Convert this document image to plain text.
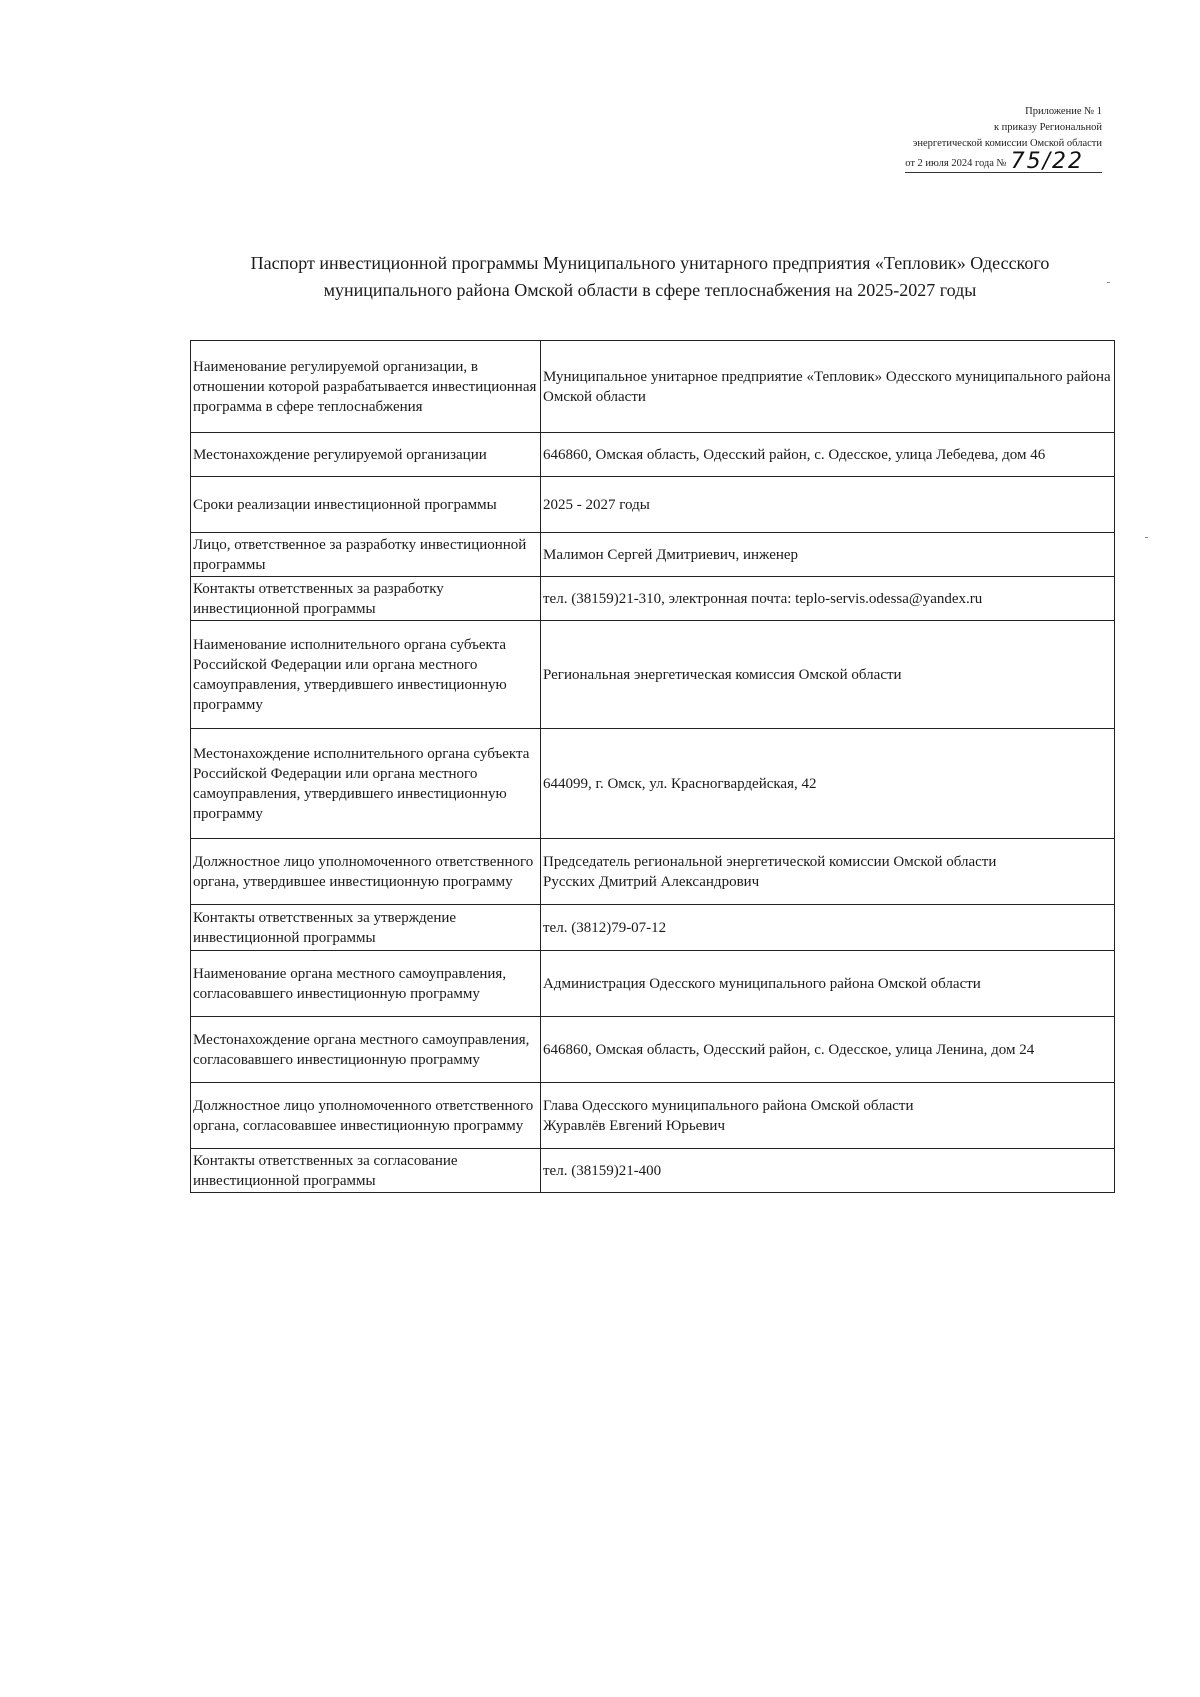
Приложение № 1
к приказу Региональной
энергетической комиссии Омской области
от 2 июля 2024 года № 75/22
Паспорт инвестиционной программы Муниципального унитарного предприятия «Тепловик» Одесского муниципального района Омской области в сфере теплоснабжения на 2025-2027 годы
Наименование регулируемой организации, в отношении которой разрабатывается инвестиционная программа в сфере теплоснабжения	Муниципальное унитарное предприятие «Тепловик» Одесского муниципального района Омской области
Местонахождение регулируемой организации	646860, Омская область, Одесский район, с. Одесское, улица Лебедева, дом 46
Сроки реализации инвестиционной программы	2025 - 2027 годы
Лицо, ответственное за разработку инвестиционной программы	Малимон Сергей Дмитриевич, инженер
Контакты ответственных за разработку инвестиционной программы	тел. (38159)21-310, электронная почта: teplo-servis.odessa@yandex.ru
Наименование исполнительного органа субъекта Российской Федерации или органа местного самоуправления, утвердившего инвестиционную программу	Региональная энергетическая комиссия Омской области
Местонахождение исполнительного органа субъекта Российской Федерации или органа местного самоуправления, утвердившего инвестиционную программу	644099, г. Омск, ул. Красногвардейская, 42
Должностное лицо уполномоченного ответственного органа, утвердившее инвестиционную программу	Председатель региональной энергетической комиссии Омской области
Русских Дмитрий Александрович
Контакты ответственных за утверждение инвестиционной программы	тел. (3812)79-07-12
Наименование органа местного самоуправления, согласовавшего инвестиционную программу	Администрация Одесского муниципального района Омской области
Местонахождение органа местного самоуправления, согласовавшего инвестиционную программу	646860, Омская область, Одесский район, с. Одесское, улица Ленина, дом 24
Должностное лицо уполномоченного ответственного органа, согласовавшее инвестиционную программу	Глава Одесского муниципального района Омской области
Журавлёв Евгений Юрьевич
Контакты ответственных за согласование инвестиционной программы	тел. (38159)21-400
